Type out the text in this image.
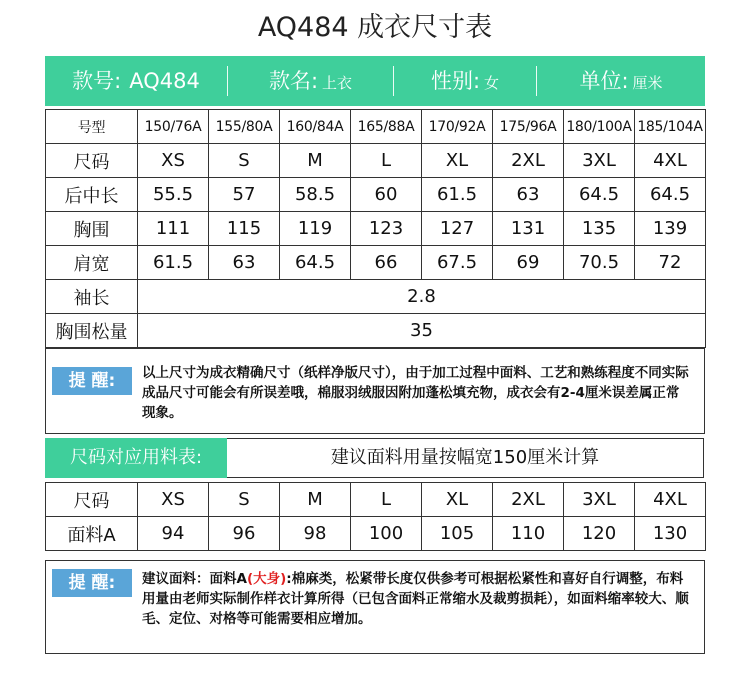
AQ484 成衣尺寸表
款号: AQ484	款名: 上衣	性别: 女	单位: 厘米
号型	150/76A	155/80A	160/84A	165/88A	170/92A	175/96A	180/100A	185/104A
尺码	XS	S	M	L	XL	2XL	3XL	4XL
后中长	55.5	57	58.5	60	61.5	63	64.5	64.5
胸围	111	115	119	123	127	131	135	139
肩宽	61.5	63	64.5	66	67.5	69	70.5	72
袖长	2.8							
胸围松量	35							
提 醒:	以上尺寸为成衣精确尺寸（纸样净版尺寸），由于加工过程中面料、工艺和熟练程度不同实际成品尺寸可能会有所误差哦，棉服羽绒服因附加蓬松填充物，成衣会有2-4厘米误差属正常现象。
尺码对应用料表:	建议面料用量按幅宽150厘米计算
尺码	XS	S	M	L	XL	2XL	3XL	4XL
面料A	94	96	98	100	105	110	120	130
提 醒:	建议面料：面料A(大身):棉麻类，松紧带长度仅供参考可根据松紧性和喜好自行调整，布料用量由老师实际制作样衣计算所得（已包含面料正常缩水及裁剪损耗），如面料缩率较大、顺毛、定位、对格等可能需要相应增加。
